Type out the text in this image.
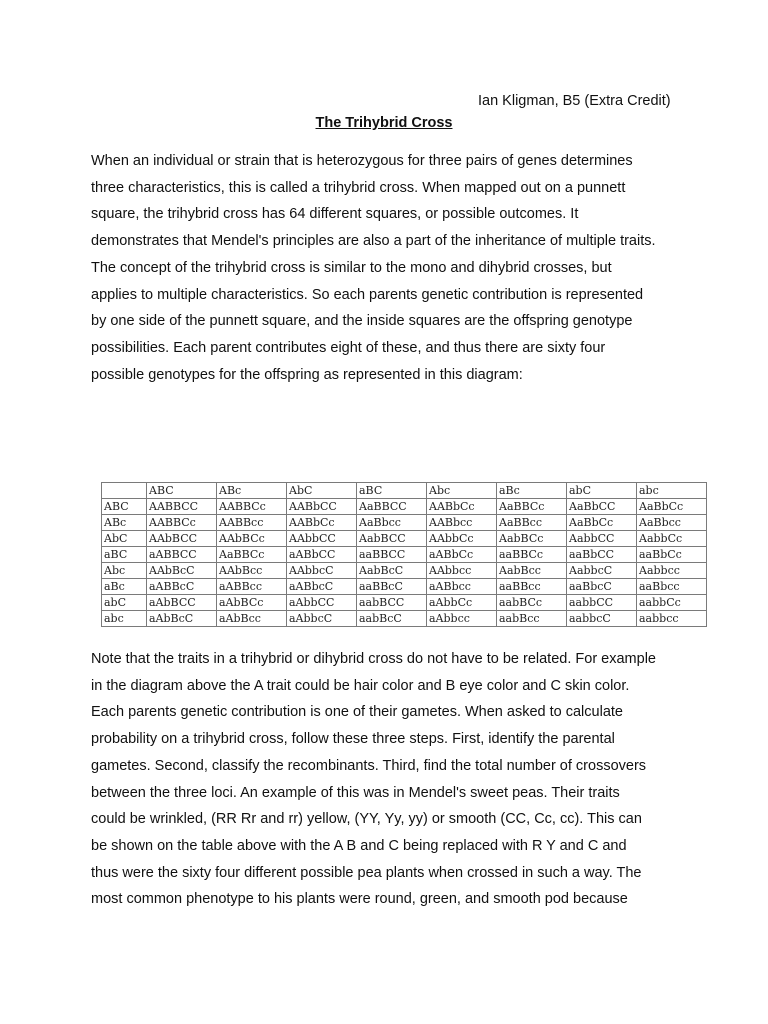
Ian Kligman, B5 (Extra Credit)
The Trihybrid Cross
When an individual or strain that is heterozygous for three pairs of genes determines
three characteristics, this is called a trihybrid cross. When mapped out on a punnett
square, the trihybrid cross has 64 different squares, or possible outcomes. It
demonstrates that Mendel's principles are also a part of the inheritance of multiple traits.
The concept of the trihybrid cross is similar to the mono and dihybrid crosses, but
applies to multiple characteristics. So each parents genetic contribution is represented
by one side of the punnett square, and the inside squares are the offspring genotype
possibilities. Each parent contributes eight of these, and thus there are sixty four
possible genotypes for the offspring as represented in this diagram:
	ABC	ABc	AbC	aBC	Abc	aBc	abC	abc
ABC	AABBCC	AABBCc	AABbCC	AaBBCC	AABbCc	AaBBCc	AaBbCC	AaBbCc
ABc	AABBCc	AABBcc	AABbCc	AaBbcc	AABbcc	AaBBcc	AaBbCc	AaBbcc
AbC	AAbBCC	AAbBCc	AAbbCC	AabBCC	AAbbCc	AabBCc	AabbCC	AabbCc
aBC	aABBCC	AaBBCc	aABbCC	aaBBCC	aABbCc	aaBBCc	aaBbCC	aaBbCc
Abc	AAbBcC	AAbBcc	AAbbcC	AabBcC	AAbbcc	AabBcc	AabbcC	Aabbcc
aBc	aABBcC	aABBcc	aABbcC	aaBBcC	aABbcc	aaBBcc	aaBbcC	aaBbcc
abC	aAbBCC	aAbBCc	aAbbCC	aabBCC	aAbbCc	aabBCc	aabbCC	aabbCc
abc	aAbBcC	aAbBcc	aAbbcC	aabBcC	aAbbcc	aabBcc	aabbcC	aabbcc
Note that the traits in a trihybrid or dihybrid cross do not have to be related. For example
in the diagram above the A trait could be hair color and B eye color and C skin color.
Each parents genetic contribution is one of their gametes. When asked to calculate
probability on a trihybrid cross, follow these three steps. First, identify the parental
gametes. Second, classify the recombinants. Third, find the total number of crossovers
between the three loci. An example of this was in Mendel's sweet peas. Their traits
could be wrinkled, (RR Rr and rr) yellow, (YY, Yy, yy) or smooth (CC, Cc, cc). This can
be shown on the table above with the A B and C being replaced with R Y and C and
thus were the sixty four different possible pea plants when crossed in such a way. The
most common phenotype to his plants were round, green, and smooth pod because
